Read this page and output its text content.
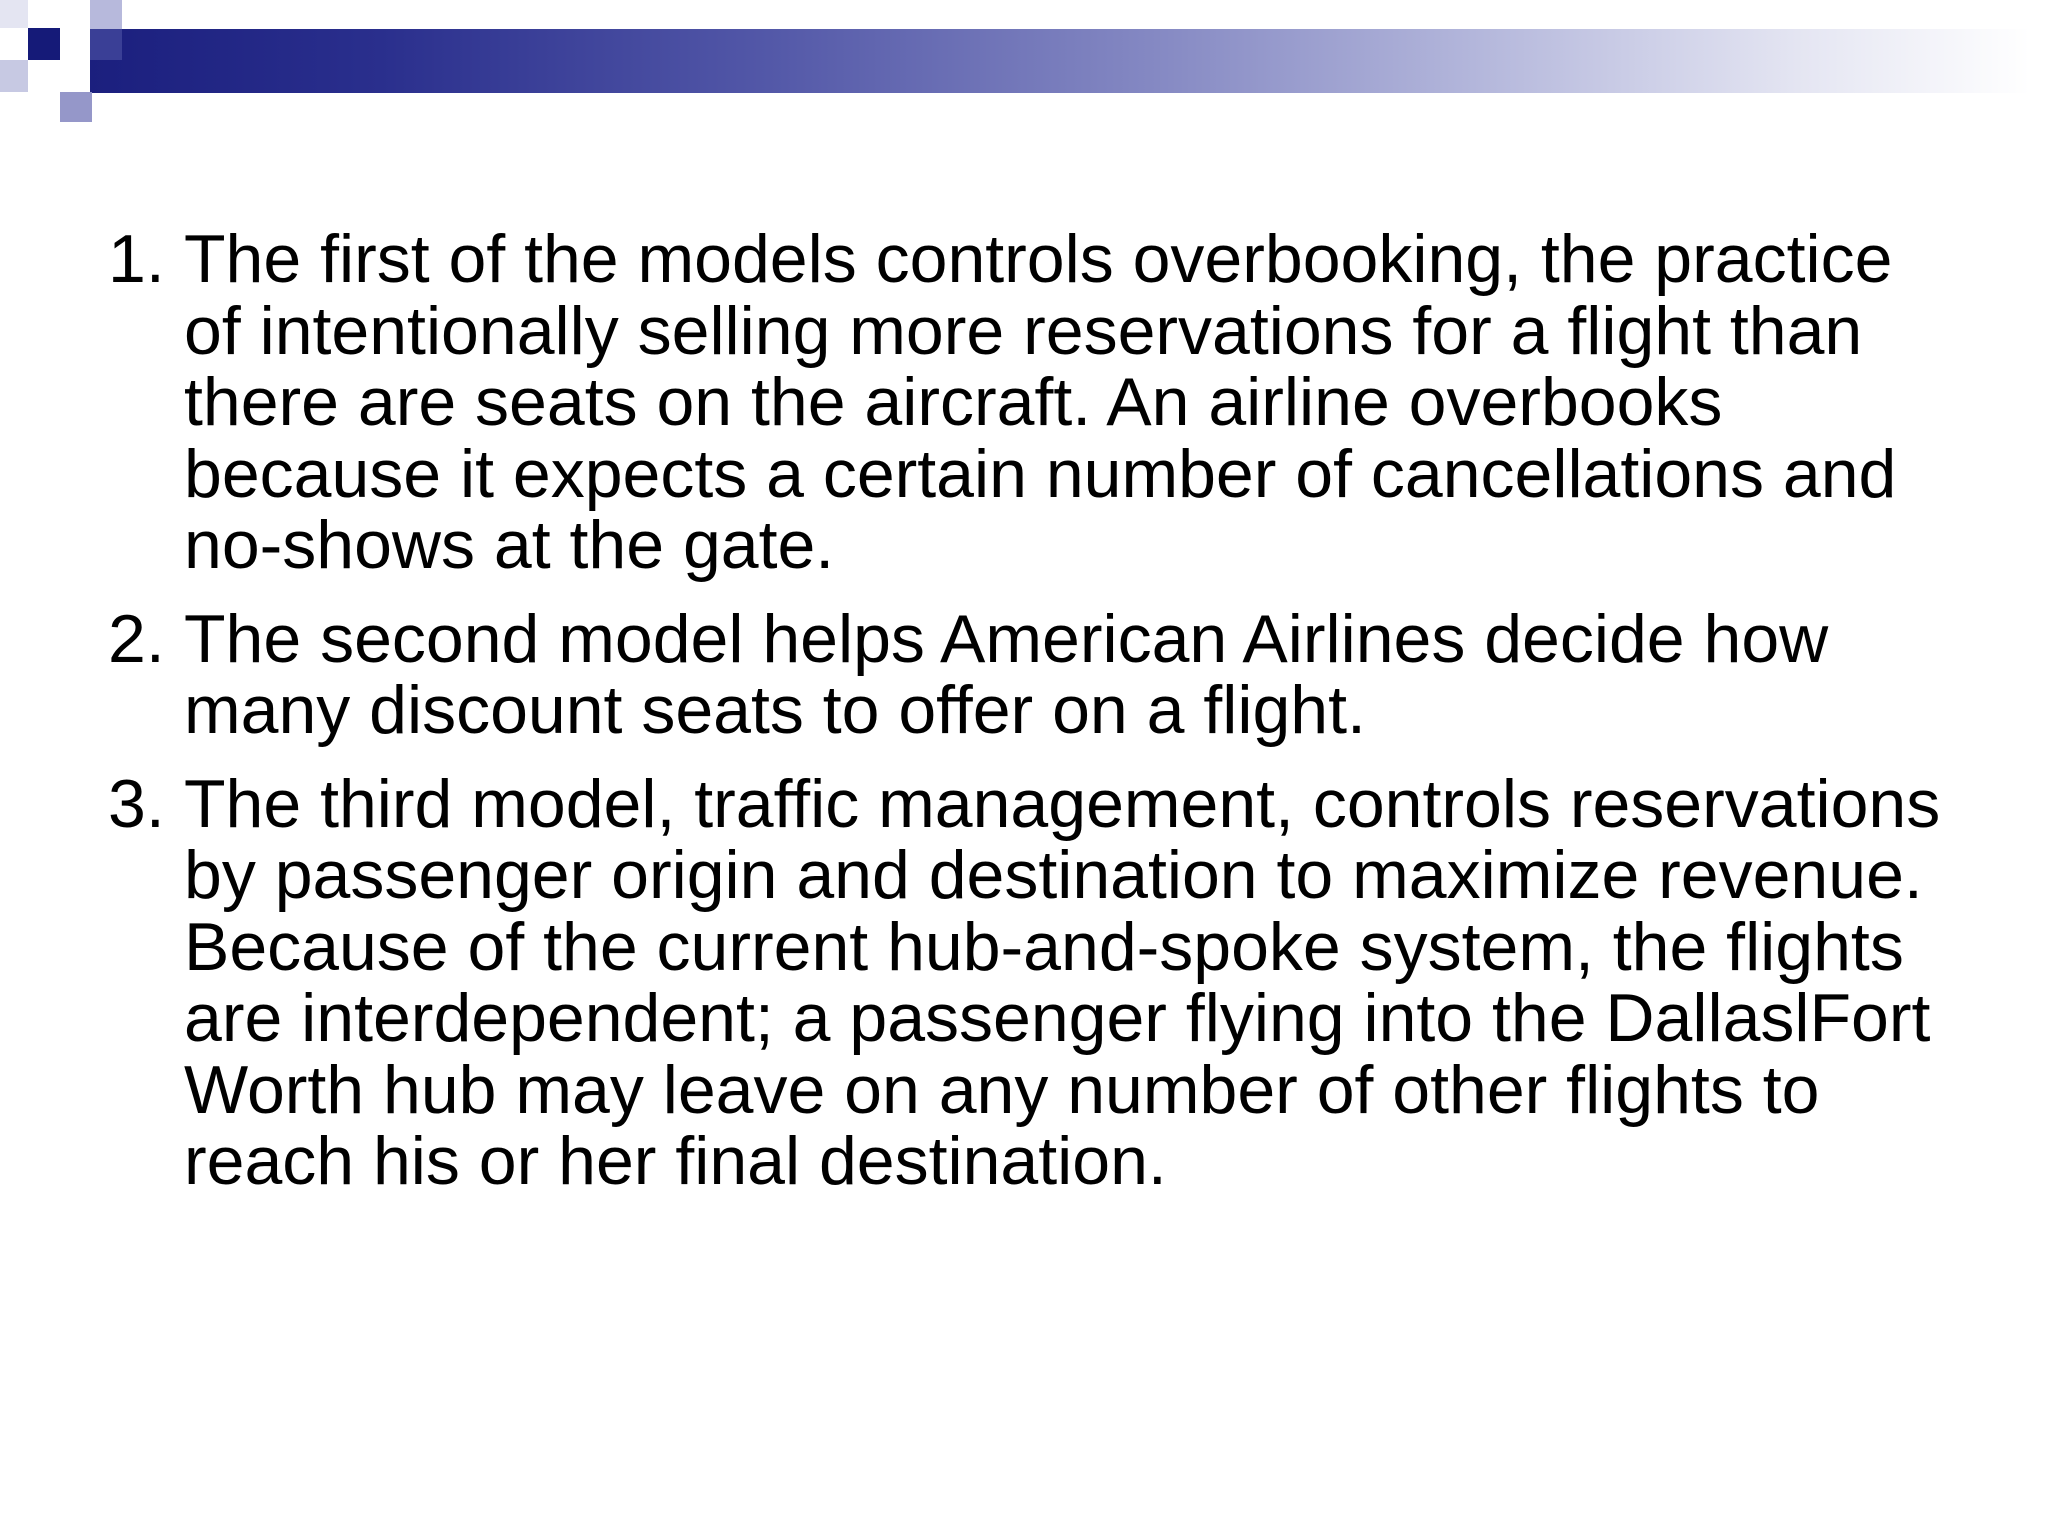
1. The first of the models controls overbooking, the practice of intentionally selling more reservations for a flight than there are seats on the aircraft. An airline overbooks because it expects a certain number of cancellations and no-shows at the gate.
2. The second model helps American Airlines decide how many discount seats to offer on a flight.
3. The third model, traffic management, controls reservations by passenger origin and destination to maximize revenue. Because of the current hub-and-spoke system, the flights are interdependent; a passenger flying into the DallaslFort Worth hub may leave on any number of other flights to reach his or her final destination.
